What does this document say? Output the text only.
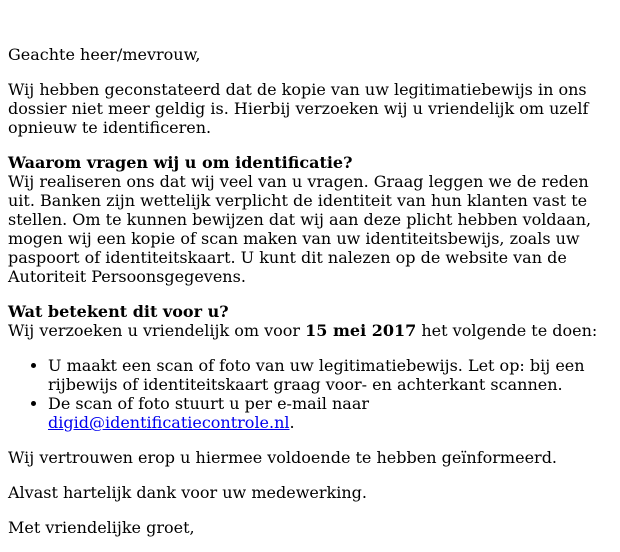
Geachte heer/mevrouw,

Wij hebben geconstateerd dat de kopie van uw legitimatiebewijs in ons dossier niet meer geldig is. Hierbij verzoeken wij u vriendelijk om uzelf opnieuw te identificeren.

Waarom vragen wij u om identificatie?
Wij realiseren ons dat wij veel van u vragen. Graag leggen we de reden uit. Banken zijn wettelijk verplicht de identiteit van hun klanten vast te stellen. Om te kunnen bewijzen dat wij aan deze plicht hebben voldaan, mogen wij een kopie of scan maken van uw identiteitsbewijs, zoals uw paspoort of identiteitskaart. U kunt dit nalezen op de website van de Autoriteit Persoonsgegevens.

Wat betekent dit voor u?
Wij verzoeken u vriendelijk om voor 15 mei 2017 het volgende te doen:

• U maakt een scan of foto van uw legitimatiebewijs. Let op: bij een rijbewijs of identiteitskaart graag voor- en achterkant scannen.
• De scan of foto stuurt u per e-mail naar digid@identificatiecontrole.nl.

Wij vertrouwen erop u hiermee voldoende te hebben geïnformeerd.

Alvast hartelijk dank voor uw medewerking.

Met vriendelijke groet,
